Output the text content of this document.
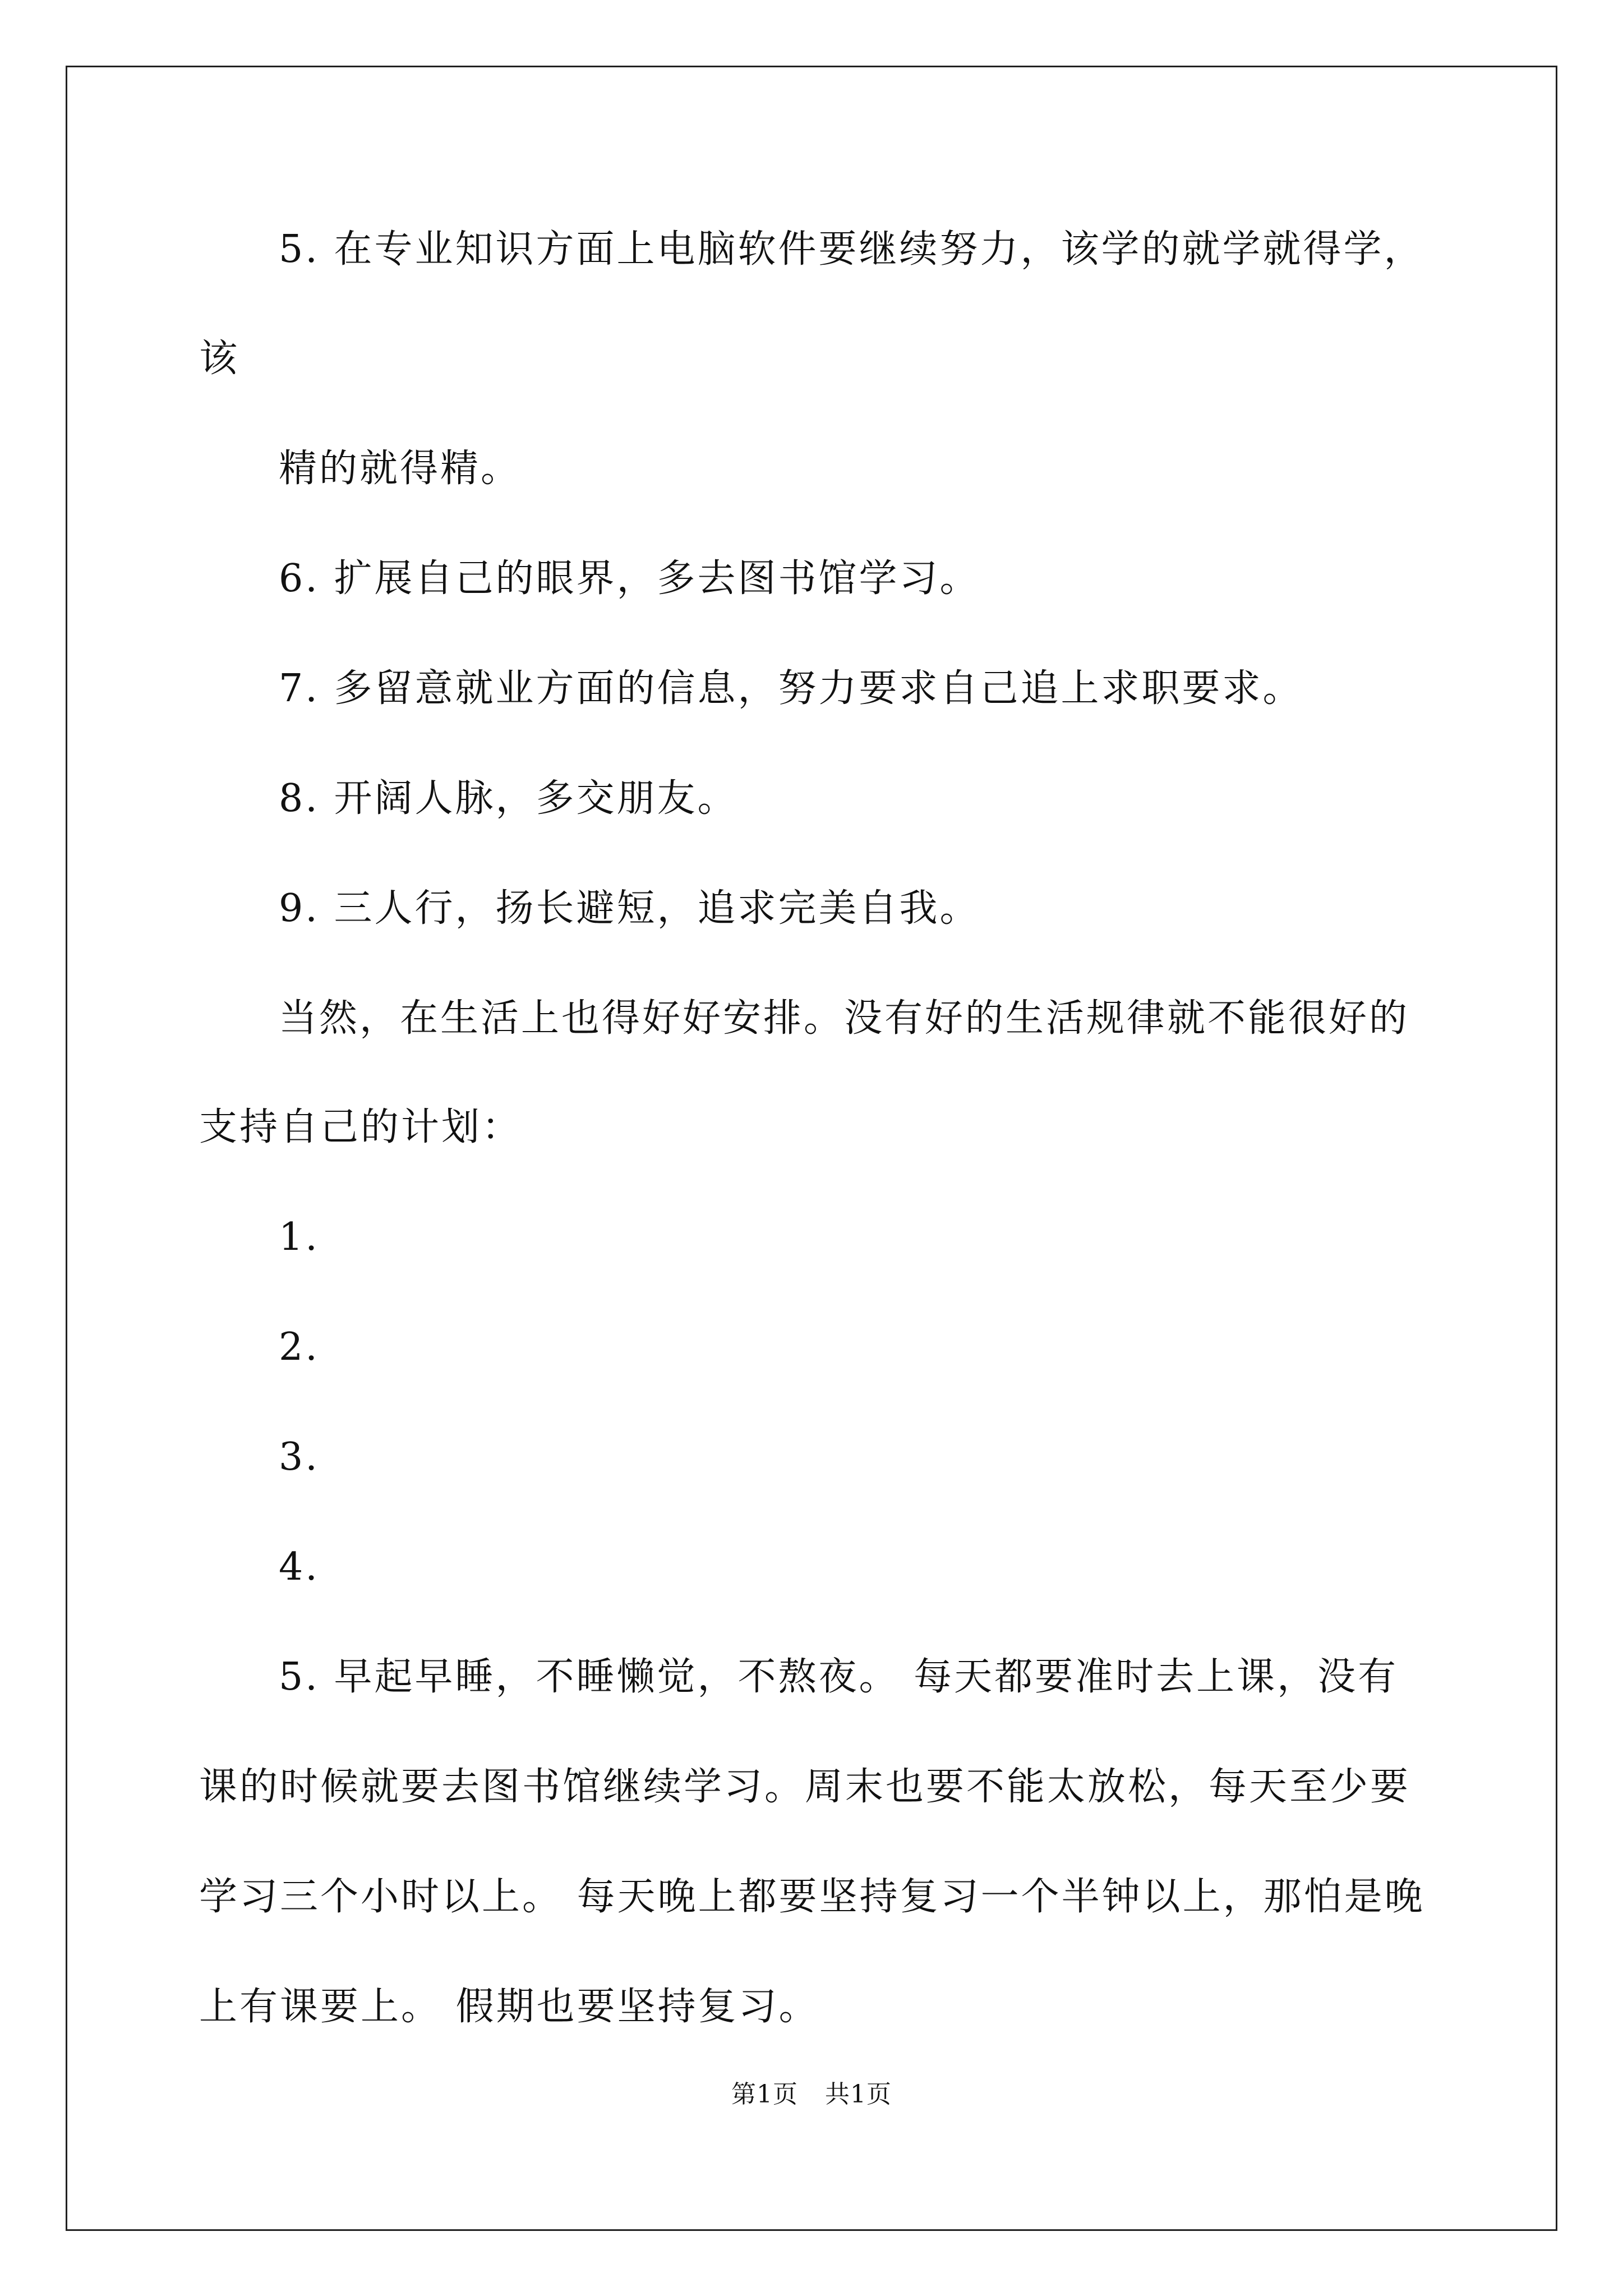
5. 在专业知识方面上电脑软件要继续努力，该学的就学就得学，
该
精的就得精。
6. 扩展自己的眼界，多去图书馆学习。
7. 多留意就业方面的信息，努力要求自己追上求职要求。
8. 开阔人脉，多交朋友。
9. 三人行，扬长避短，追求完美自我。
当然，在生活上也得好好安排。没有好的生活规律就不能很好的
支持自己的计划：
1.
2.
3.
4.
5. 早起早睡，不睡懒觉，不熬夜。 每天都要准时去上课，没有
课的时候就要去图书馆继续学习。周末也要不能太放松，每天至少要
学习三个小时以上。 每天晚上都要坚持复习一个半钟以上，那怕是晚
上有课要上。 假期也要坚持复习。
第1页 共1页
